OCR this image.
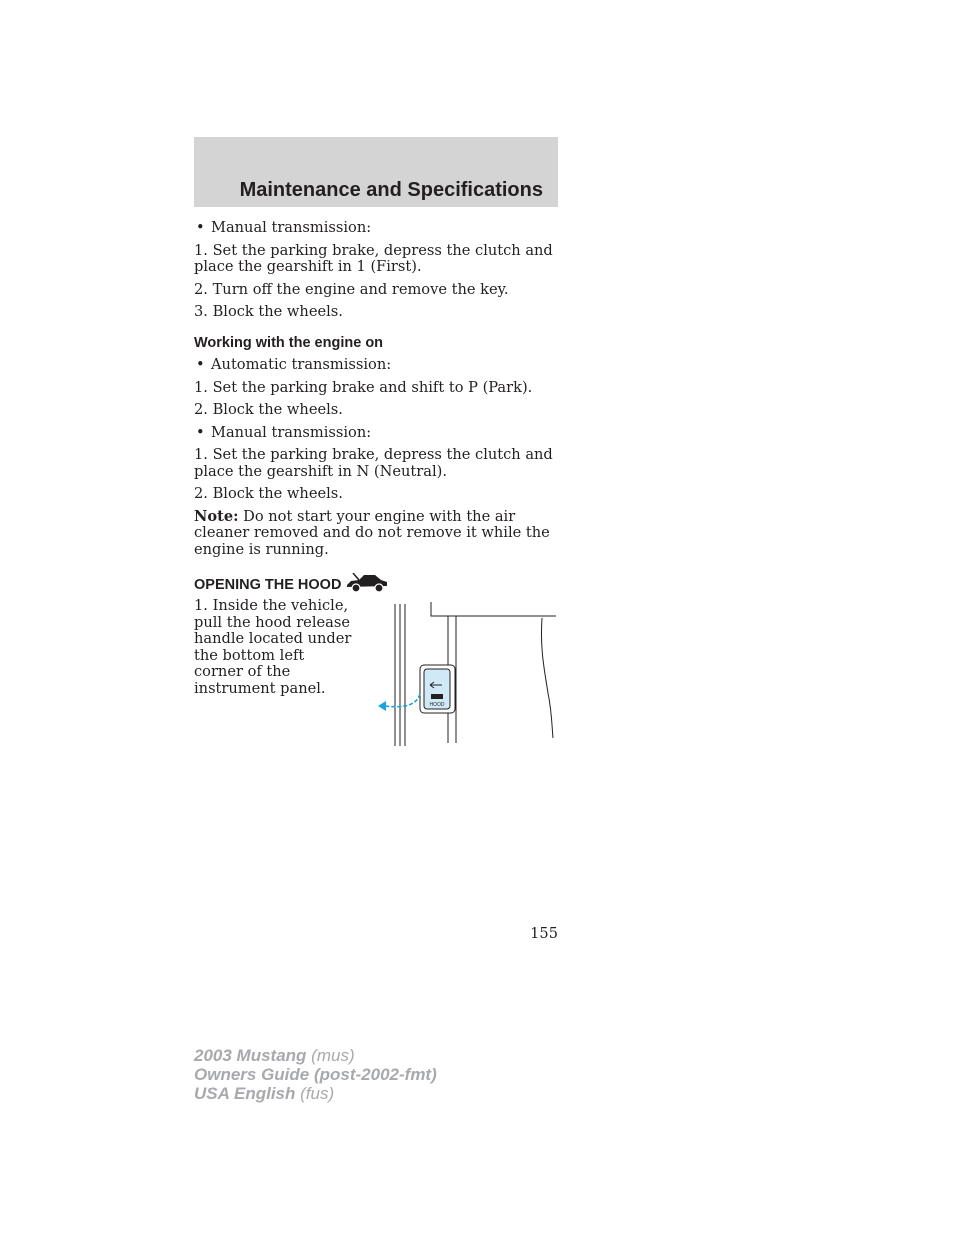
Maintenance and Specifications

• Manual transmission:

1. Set the parking brake, depress the clutch and place the gearshift in 1 (First).

2. Turn off the engine and remove the key.

3. Block the wheels.

Working with the engine on

• Automatic transmission:

1. Set the parking brake and shift to P (Park).

2. Block the wheels.

• Manual transmission:

1. Set the parking brake, depress the clutch and place the gearshift in N (Neutral).

2. Block the wheels.

Note: Do not start your engine with the air cleaner removed and do not remove it while the engine is running.

OPENING THE HOOD

1. Inside the vehicle, pull the hood release handle located under the bottom left corner of the instrument panel.
HOOD
155
2003 Mustang (mus)
Owners Guide (post-2002-fmt)
USA English (fus)
